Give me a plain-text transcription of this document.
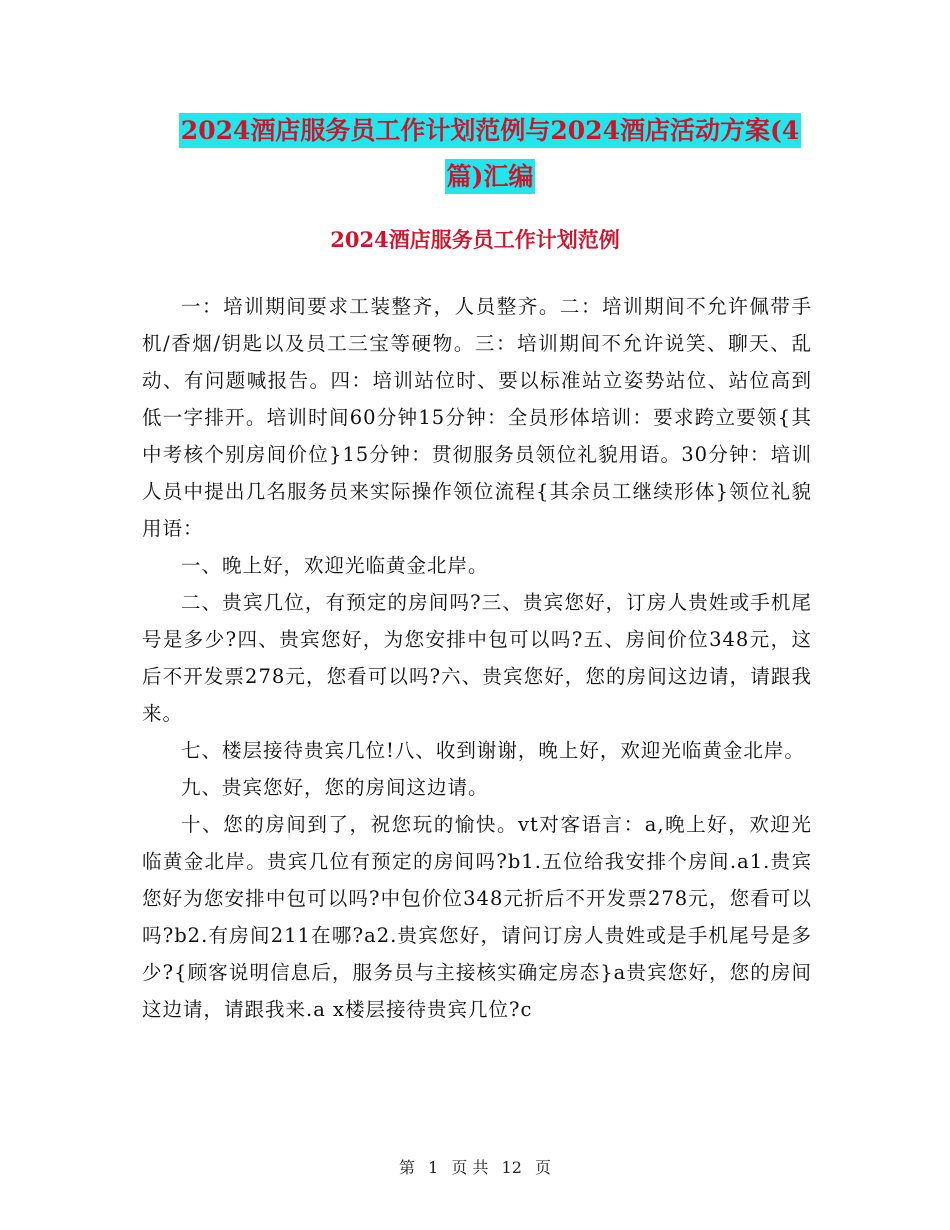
2024酒店服务员工作计划范例与2024酒店活动方案(4
篇)汇编
2024酒店服务员工作计划范例

一：培训期间要求工装整齐，人员整齐。二：培训期间不允许佩带手机/香烟/钥匙以及员工三宝等硬物。三：培训期间不允许说笑、聊天、乱动、有问题喊报告。四：培训站位时、要以标准站立姿势站位、站位高到低一字排开。培训时间60分钟15分钟：全员形体培训：要求跨立要领{其中考核个别房间价位}15分钟：贯彻服务员领位礼貌用语。30分钟：培训人员中提出几名服务员来实际操作领位流程{其余员工继续形体}领位礼貌用语：

一、晚上好，欢迎光临黄金北岸。

二、贵宾几位，有预定的房间吗?三、贵宾您好，订房人贵姓或手机尾号是多少?四、贵宾您好，为您安排中包可以吗?五、房间价位348元，这后不开发票278元，您看可以吗?六、贵宾您好，您的房间这边请，请跟我来。

七、楼层接待贵宾几位!八、收到谢谢，晚上好，欢迎光临黄金北岸。

九、贵宾您好，您的房间这边请。

十、您的房间到了，祝您玩的愉快。vt对客语言：a,晚上好，欢迎光临黄金北岸。贵宾几位有预定的房间吗?b1.五位给我安排个房间.a1.贵宾您好为您安排中包可以吗?中包价位348元折后不开发票278元，您看可以吗?b2.有房间211在哪?a2.贵宾您好，请问订房人贵姓或是手机尾号是多少?{顾客说明信息后，服务员与主接核实确定房态}a贵宾您好，您的房间这边请，请跟我来.a x楼层接待贵宾几位?c

第 1 页 共 12 页
